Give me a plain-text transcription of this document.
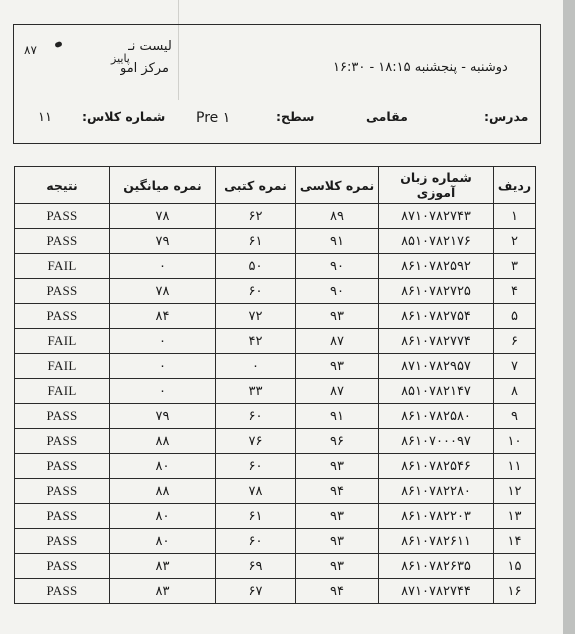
۸۷	لیست نـ
پاییز
مرکز آمو	دوشنبه - پنجشنبه ۱۸:۱۵ - ۱۶:۳۰
۱۱ شماره کلاس: Pre ۱	سطح:	مقامی	مدرس:
نتیجه	نمره میانگین	نمره کتبی	نمره کلاسی	شماره زبان آموزی	ردیف
PASS	۷۸	۶۲	۸۹	۸۷۱۰۷۸۲۷۴۳	۱
PASS	۷۹	۶۱	۹۱	۸۵۱۰۷۸۲۱۷۶	۲
FAIL	۰	۵۰	۹۰	۸۶۱۰۷۸۲۵۹۲	۳
PASS	۷۸	۶۰	۹۰	۸۶۱۰۷۸۲۷۲۵	۴
PASS	۸۴	۷۲	۹۳	۸۶۱۰۷۸۲۷۵۴	۵
FAIL	۰	۴۲	۸۷	۸۶۱۰۷۸۲۷۷۴	۶
FAIL	۰	۰	۹۳	۸۷۱۰۷۸۲۹۵۷	۷
FAIL	۰	۳۳	۸۷	۸۵۱۰۷۸۲۱۴۷	۸
PASS	۷۹	۶۰	۹۱	۸۶۱۰۷۸۲۵۸۰	۹
PASS	۸۸	۷۶	۹۶	۸۶۱۰۷۰۰۰۹۷	۱۰
PASS	۸۰	۶۰	۹۳	۸۶۱۰۷۸۲۵۴۶	۱۱
PASS	۸۸	۷۸	۹۴	۸۶۱۰۷۸۲۲۸۰	۱۲
PASS	۸۰	۶۱	۹۳	۸۶۱۰۷۸۲۲۰۳	۱۳
PASS	۸۰	۶۰	۹۳	۸۶۱۰۷۸۲۶۱۱	۱۴
PASS	۸۳	۶۹	۹۳	۸۶۱۰۷۸۲۶۳۵	۱۵
PASS	۸۳	۶۷	۹۴	۸۷۱۰۷۸۲۷۴۴	۱۶
